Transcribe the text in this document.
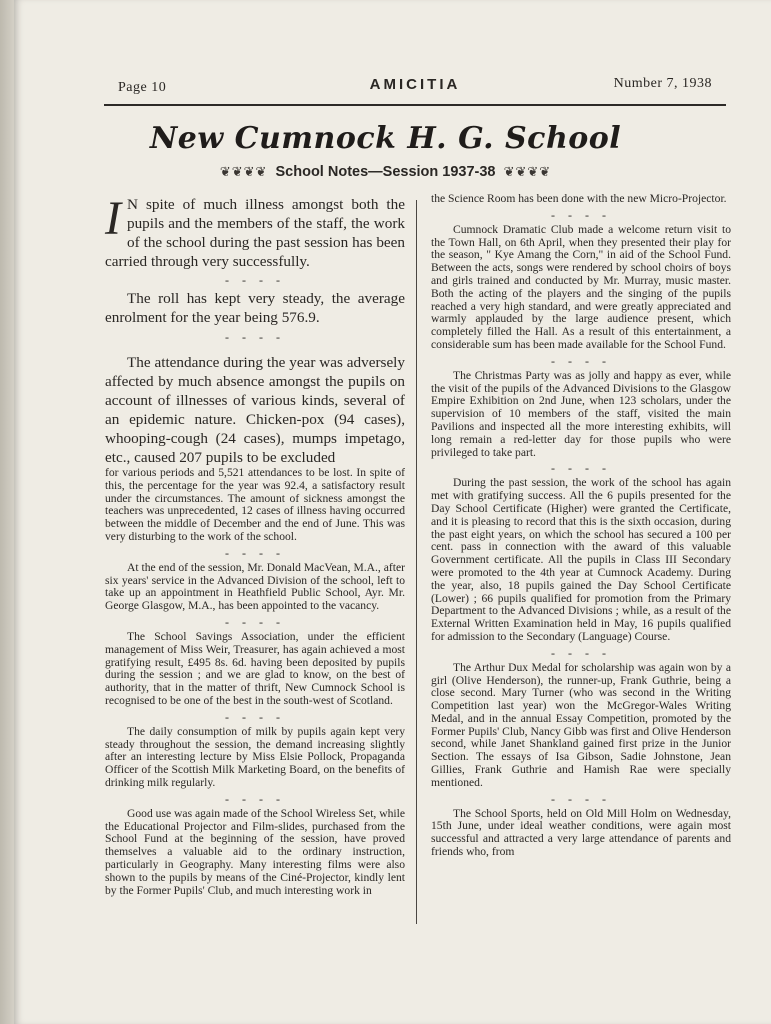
Page 10	AMICITIA	Number 7, 1938
New Cumnock H. G. School
❦❦❦❦ School Notes—Session 1937-38 ❦❦❦❦

I N spite of much illness amongst both the pupils and the members of the staff, the work of the school during the past session has been carried through very successfully.

- - - -

The roll has kept very steady, the average enrolment for the year being 576.9.

- - - -

The attendance during the year was adversely affected by much absence amongst the pupils on account of illnesses of various kinds, several of an epidemic nature. Chicken-pox (94 cases), whooping-cough (24 cases), mumps impetago, etc., caused 207 pupils to be excluded

for various periods and 5,521 attendances to be lost. In spite of this, the percentage for the year was 92.4, a satisfactory result under the circumstances. The amount of sickness amongst the teachers was unprecedented, 12 cases of illness having occurred between the middle of December and the end of June. This was very disturbing to the work of the school.

- - - -

At the end of the session, Mr. Donald MacVean, M.A., after six years' service in the Advanced Division of the school, left to take up an appointment in Heathfield Public School, Ayr. Mr. George Glasgow, M.A., has been appointed to the vacancy.

- - - -

The School Savings Association, under the efficient management of Miss Weir, Treasurer, has again achieved a most gratifying result, £495 8s. 6d. having been deposited by pupils during the session ; and we are glad to know, on the best of authority, that in the matter of thrift, New Cumnock School is recognised to be one of the best in the south-west of Scotland.

- - - -

The daily consumption of milk by pupils again kept very steady throughout the session, the demand increasing slightly after an interesting lecture by Miss Elsie Pollock, Propaganda Officer of the Scottish Milk Marketing Board, on the benefits of drinking milk regularly.

- - - -

Good use was again made of the School Wireless Set, while the Educational Projector and Film-slides, purchased from the School Fund at the beginning of the session, have proved themselves a valuable aid to the ordinary instruction, particularly in Geography. Many interesting films were also shown to the pupils by means of the Ciné-Projector, kindly lent by the Former Pupils' Club, and much interesting work in

the Science Room has been done with the new Micro-Projector.

- - - -

Cumnock Dramatic Club made a welcome return visit to the Town Hall, on 6th April, when they presented their play for the season, " Kye Amang the Corn," in aid of the School Fund. Between the acts, songs were rendered by school choirs of boys and girls trained and conducted by Mr. Murray, music master. Both the acting of the players and the singing of the pupils reached a very high standard, and were greatly appreciated and warmly applauded by the large audience present, which completely filled the Hall. As a result of this entertainment, a considerable sum has been made available for the School Fund.

- - - -

The Christmas Party was as jolly and happy as ever, while the visit of the pupils of the Advanced Divisions to the Glasgow Empire Exhibition on 2nd June, when 123 scholars, under the supervision of 10 members of the staff, visited the main Pavilions and inspected all the more interesting exhibits, will long remain a red-letter day for those pupils who were privileged to take part.

- - - -

During the past session, the work of the school has again met with gratifying success. All the 6 pupils presented for the Day School Certificate (Higher) were granted the Certificate, and it is pleasing to record that this is the sixth occasion, during the past eight years, on which the school has secured a 100 per cent. pass in connection with the award of this valuable Government certificate. All the pupils in Class III Secondary were promoted to the 4th year at Cumnock Academy. During the year, also, 18 pupils gained the Day School Certificate (Lower) ; 66 pupils qualified for promotion from the Primary Department to the Advanced Divisions ; while, as a result of the External Written Examination held in May, 16 pupils qualified for admission to the Secondary (Language) Course.

- - - -

The Arthur Dux Medal for scholarship was again won by a girl (Olive Henderson), the runner-up, Frank Guthrie, being a close second. Mary Turner (who was second in the Writing Competition last year) won the McGregor-Wales Writing Medal, and in the annual Essay Competition, promoted by the Former Pupils' Club, Nancy Gibb was first and Olive Henderson second, while Janet Shankland gained first prize in the Junior Section. The essays of Isa Gibson, Sadie Johnstone, Jean Gillies, Frank Guthrie and Hamish Rae were specially mentioned.

- - - -

The School Sports, held on Old Mill Holm on Wednesday, 15th June, under ideal weather conditions, were again most successful and attracted a very large attendance of parents and friends who, from
